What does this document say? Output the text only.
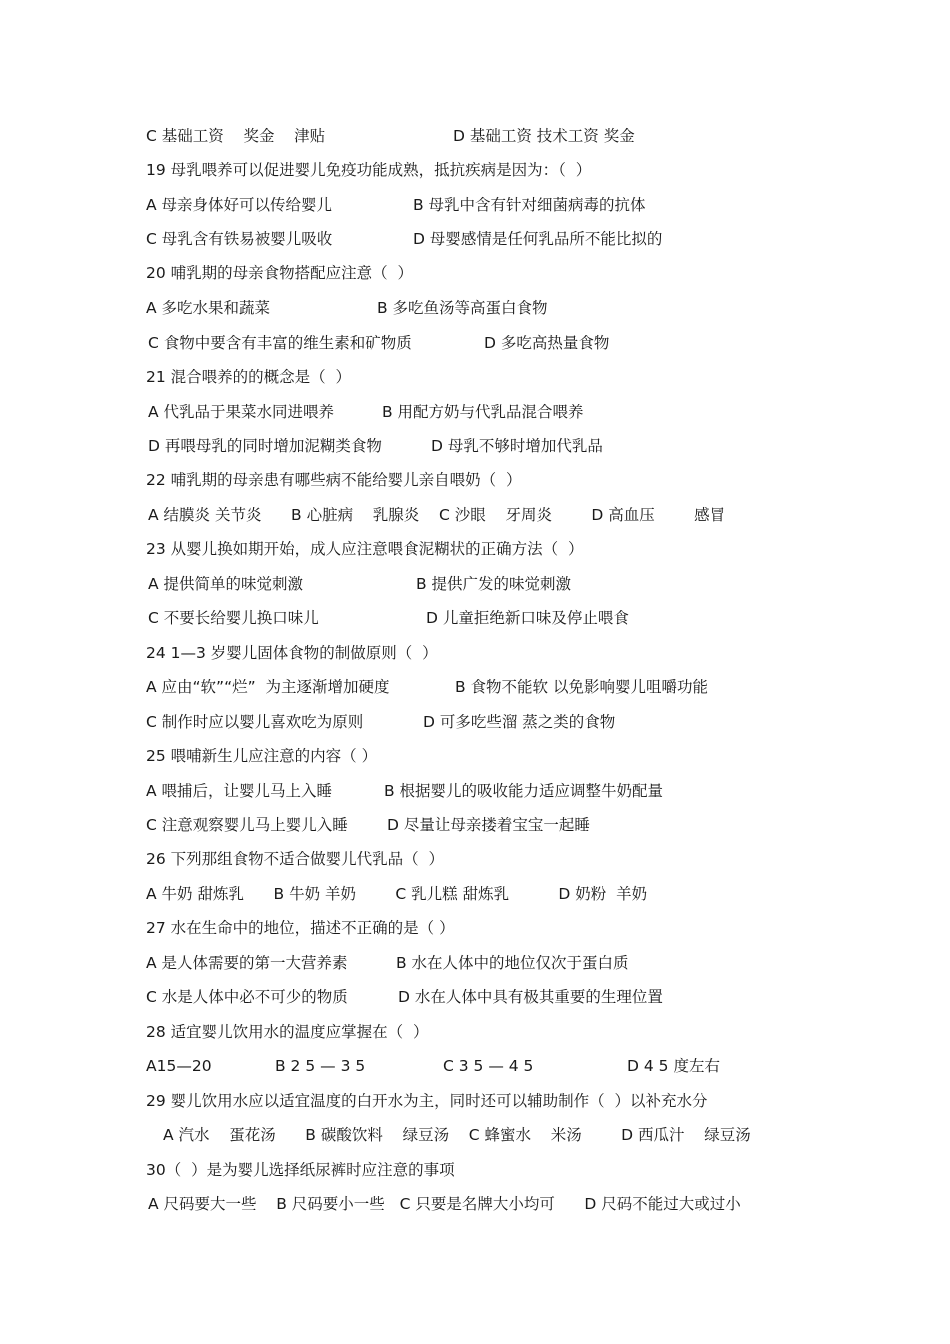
C 基础工资    奖金    津贴	D 基础工资 技术工资 奖金
19 母乳喂养可以促进婴儿免疫功能成熟，抵抗疾病是因为：（  ）
A 母亲身体好可以传给婴儿	B 母乳中含有针对细菌病毒的抗体
C 母乳含有铁易被婴儿吸收	D 母婴感情是任何乳品所不能比拟的
20 哺乳期的母亲食物搭配应注意（  ）
A 多吃水果和蔬菜	B 多吃鱼汤等高蛋白食物
C 食物中要含有丰富的维生素和矿物质	D 多吃高热量食物
21 混合喂养的的概念是（  ）
A 代乳品于果菜水同进喂养	B 用配方奶与代乳品混合喂养
D 再喂母乳的同时增加泥糊类食物	D 母乳不够时增加代乳品
22 哺乳期的母亲患有哪些病不能给婴儿亲自喂奶（  ）
A 结膜炎 关节炎      B 心脏病    乳腺炎    C 沙眼    牙周炎        D 高血压        感冒
23 从婴儿换如期开始，成人应注意喂食泥糊状的正确方法（  ）
A 提供简单的味觉刺激	B 提供广发的味觉刺激
C 不要长给婴儿换口味儿	D 儿童拒绝新口味及停止喂食
24 1—3 岁婴儿固体食物的制做原则（  ）
A 应由“软”“烂”  为主逐渐增加硬度	B 食物不能软 以免影响婴儿咀嚼功能
C 制作时应以婴儿喜欢吃为原则	D 可多吃些溜 蒸之类的食物
25 喂哺新生儿应注意的内容（ ）
A 喂捕后，让婴儿马上入睡	B 根据婴儿的吸收能力适应调整牛奶配量
C 注意观察婴儿马上婴儿入睡	D 尽量让母亲搂着宝宝一起睡
26 下列那组食物不适合做婴儿代乳品（  ）
A 牛奶 甜炼乳      B 牛奶 羊奶        C 乳儿糕 甜炼乳          D 奶粉  羊奶
27 水在生命中的地位，描述不正确的是（ ）
A 是人体需要的第一大营养素	B 水在人体中的地位仅次于蛋白质
C 水是人体中必不可少的物质	D 水在人体中具有极其重要的生理位置
28 适宜婴儿饮用水的温度应掌握在（  ）
A15—20	B 2 5 — 3 5	C 3 5 — 4 5	D 4 5 度左右
29 婴儿饮用水应以适宜温度的白开水为主，同时还可以辅助制作（  ）以补充水分
A 汽水    蛋花汤      B 碳酸饮料    绿豆汤    C 蜂蜜水    米汤        D 西瓜汁    绿豆汤
30（  ）是为婴儿选择纸尿裤时应注意的事项
A 尺码要大一些    B 尺码要小一些   C 只要是名牌大小均可      D 尺码不能过大或过小
